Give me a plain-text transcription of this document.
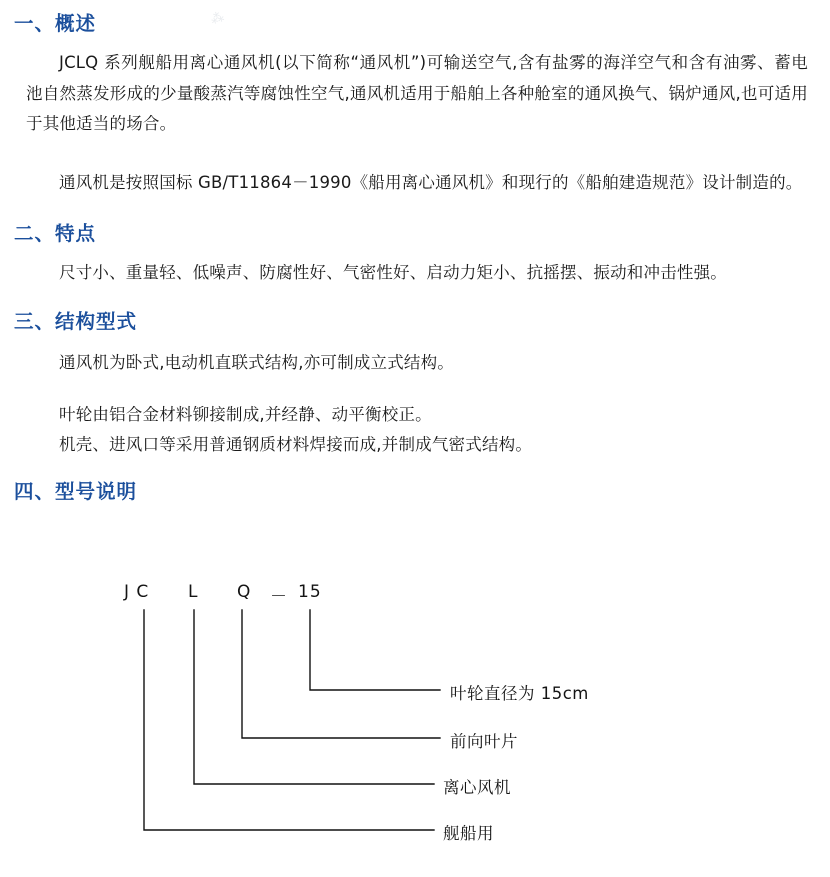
⁂
一、概述

JCLQ 系列舰船用离心通风机(以下简称“通风机”)可输送空气,含有盐雾的海洋空气和含有油雾、蓄电池自然蒸发形成的少量酸蒸汽等腐蚀性空气,通风机适用于船舶上各种舱室的通风换气、锅炉通风,也可适用于其他适当的场合。

通风机是按照国标 GB/T11864－1990《船用离心通风机》和现行的《船舶建造规范》设计制造的。

二、特点

尺寸小、重量轻、低噪声、防腐性好、气密性好、启动力矩小、抗摇摆、振动和冲击性强。

三、结构型式

通风机为卧式,电动机直联式结构,亦可制成立式结构。

叶轮由铝合金材料铆接制成,并经静、动平衡校正。

机壳、进风口等采用普通钢质材料焊接而成,并制成气密式结构。

四、型号说明
J C L Q － 15
叶轮直径为 15cm
前向叶片
离心风机
舰船用
